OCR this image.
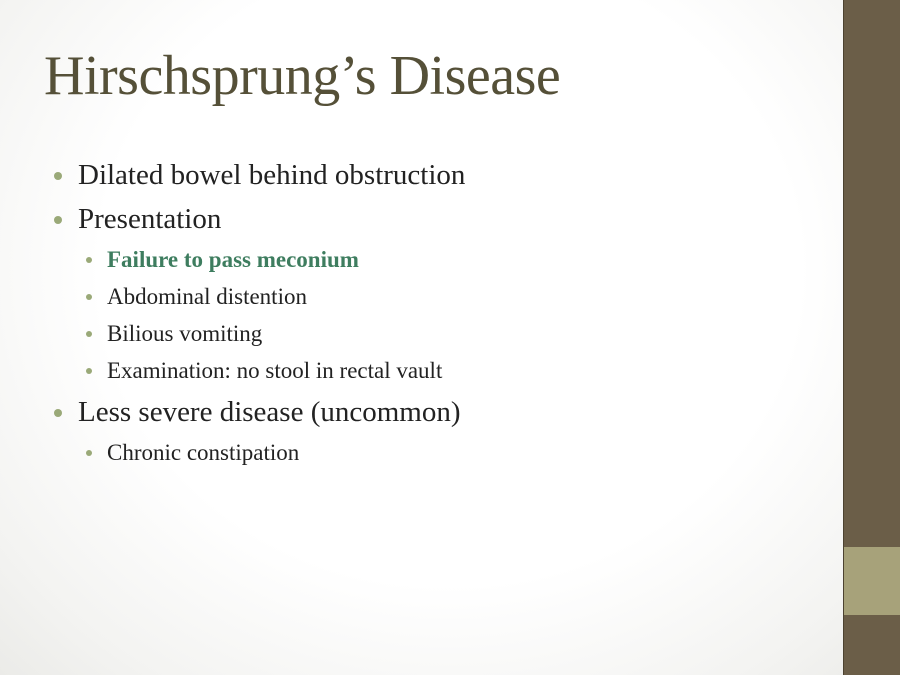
Hirschsprung’s Disease
Dilated bowel behind obstruction
Presentation
Failure to pass meconium
Abdominal distention
Bilious vomiting
Examination: no stool in rectal vault
Less severe disease (uncommon)
Chronic constipation
